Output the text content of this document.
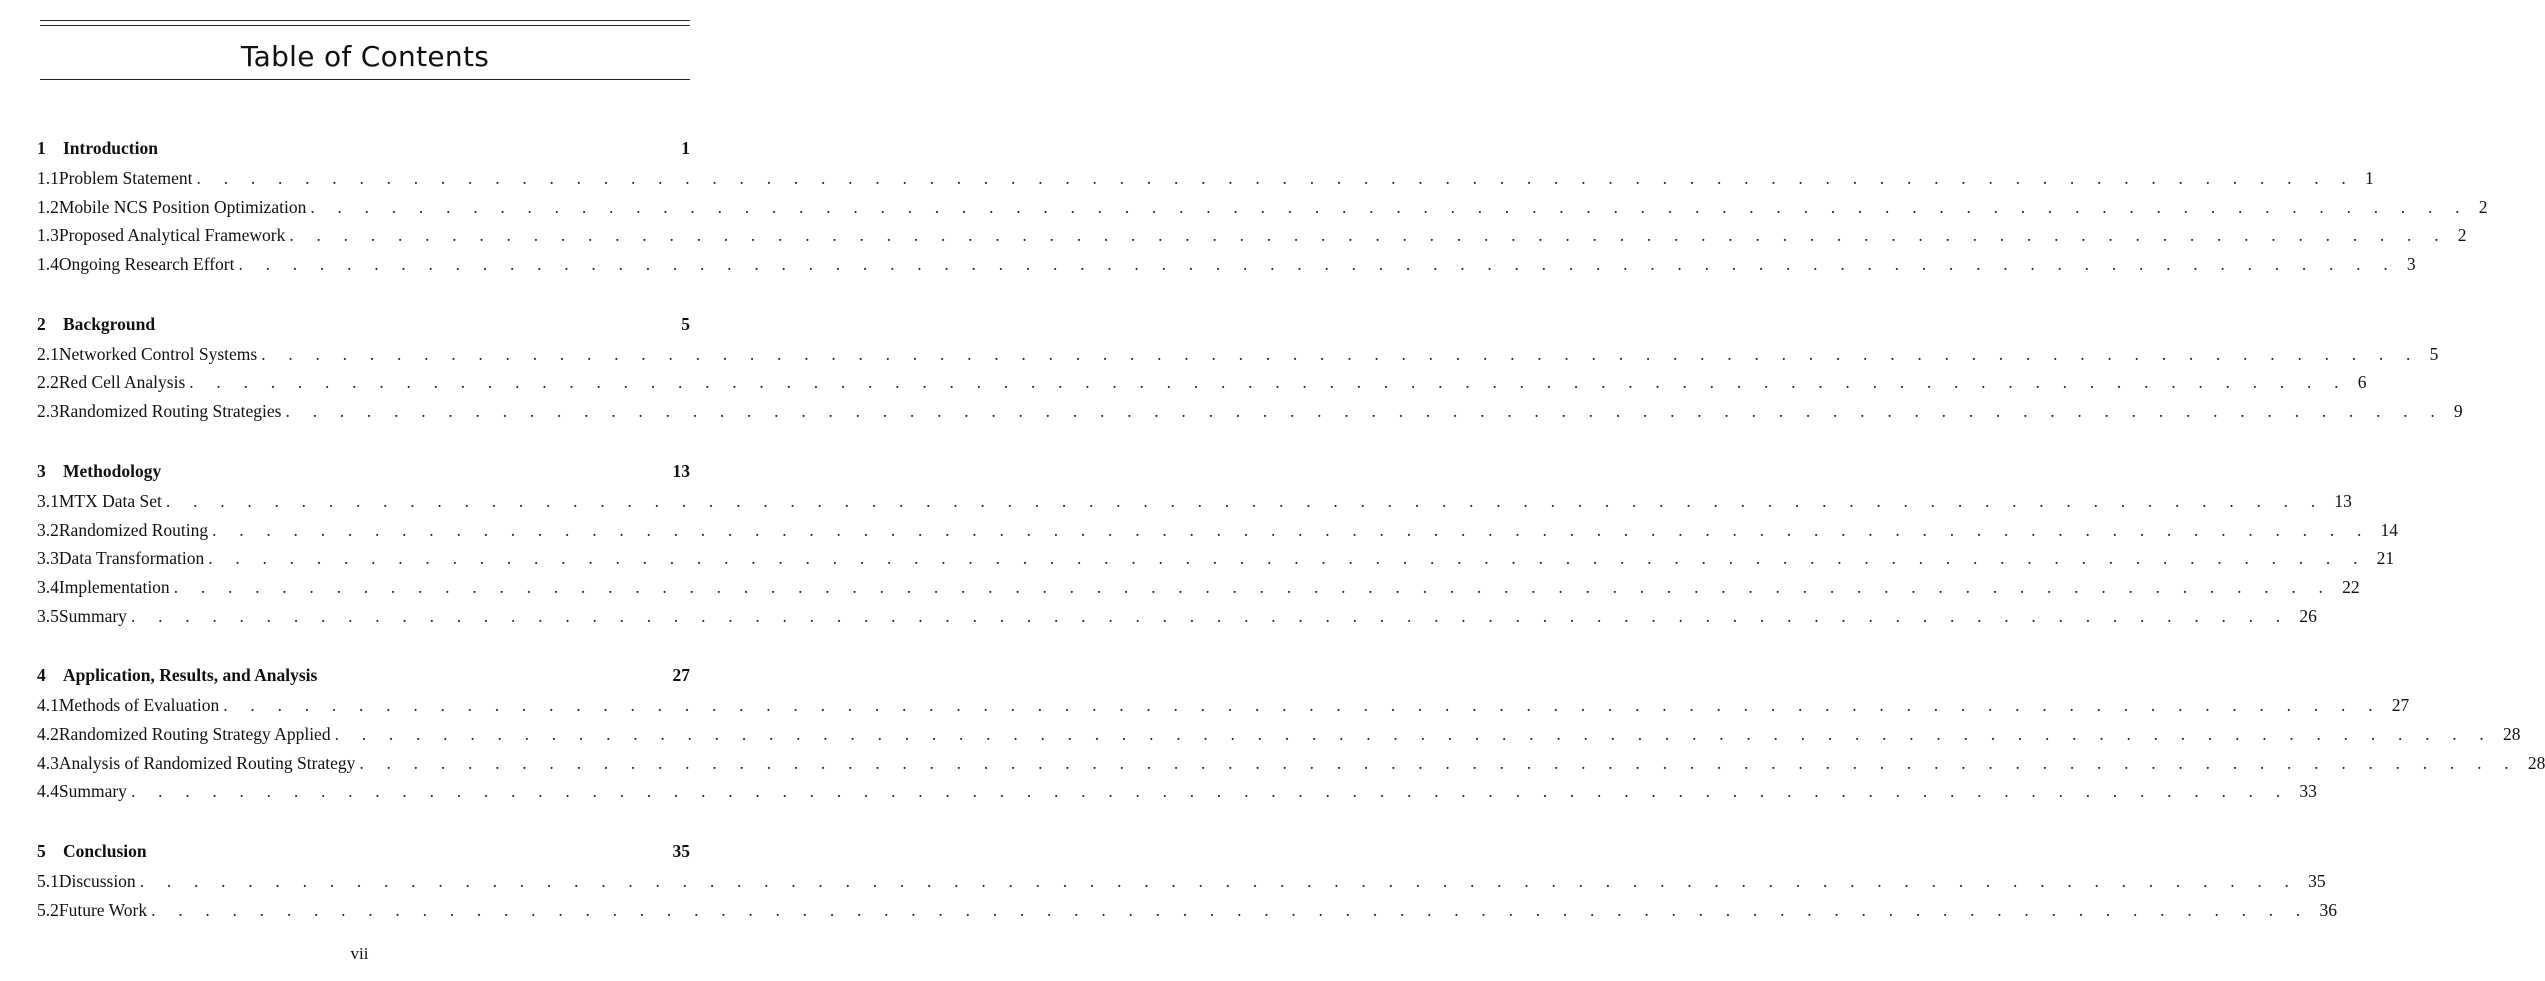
Table of Contents
1 Introduction	1
1.1 Problem Statement . . . . . . . . . . . . . . . . . . . . . . . . . . . . . . . . . . . . . . . . . . . . . . . . . . . . . . . . . . . . . . . . . . . . . . . . . . . . . . . . 1
1.2 Mobile NCS Position Optimization . . . . . . . . . . . . . . . . . . . . . . . . . . . . . . . . . . . . . . . . . . . . . . . . . . . . . . . . . . . . . . . . . . . . . . . . . . . . . . . . 2
1.3 Proposed Analytical Framework . . . . . . . . . . . . . . . . . . . . . . . . . . . . . . . . . . . . . . . . . . . . . . . . . . . . . . . . . . . . . . . . . . . . . . . . . . . . . . . . 2
1.4 Ongoing Research Effort . . . . . . . . . . . . . . . . . . . . . . . . . . . . . . . . . . . . . . . . . . . . . . . . . . . . . . . . . . . . . . . . . . . . . . . . . . . . . . . . 3
2 Background	5
2.1 Networked Control Systems . . . . . . . . . . . . . . . . . . . . . . . . . . . . . . . . . . . . . . . . . . . . . . . . . . . . . . . . . . . . . . . . . . . . . . . . . . . . . . . . 5
2.2 Red Cell Analysis . . . . . . . . . . . . . . . . . . . . . . . . . . . . . . . . . . . . . . . . . . . . . . . . . . . . . . . . . . . . . . . . . . . . . . . . . . . . . . . . 6
2.3 Randomized Routing Strategies . . . . . . . . . . . . . . . . . . . . . . . . . . . . . . . . . . . . . . . . . . . . . . . . . . . . . . . . . . . . . . . . . . . . . . . . . . . . . . . . 9
3 Methodology	13
3.1 MTX Data Set . . . . . . . . . . . . . . . . . . . . . . . . . . . . . . . . . . . . . . . . . . . . . . . . . . . . . . . . . . . . . . . . . . . . . . . . . . . . . . . . 13
3.2 Randomized Routing . . . . . . . . . . . . . . . . . . . . . . . . . . . . . . . . . . . . . . . . . . . . . . . . . . . . . . . . . . . . . . . . . . . . . . . . . . . . . . . . 14
3.3 Data Transformation . . . . . . . . . . . . . . . . . . . . . . . . . . . . . . . . . . . . . . . . . . . . . . . . . . . . . . . . . . . . . . . . . . . . . . . . . . . . . . . . 21
3.4 Implementation . . . . . . . . . . . . . . . . . . . . . . . . . . . . . . . . . . . . . . . . . . . . . . . . . . . . . . . . . . . . . . . . . . . . . . . . . . . . . . . . 22
3.5 Summary . . . . . . . . . . . . . . . . . . . . . . . . . . . . . . . . . . . . . . . . . . . . . . . . . . . . . . . . . . . . . . . . . . . . . . . . . . . . . . . . 26
4 Application, Results, and Analysis	27
4.1 Methods of Evaluation . . . . . . . . . . . . . . . . . . . . . . . . . . . . . . . . . . . . . . . . . . . . . . . . . . . . . . . . . . . . . . . . . . . . . . . . . . . . . . . . 27
4.2 Randomized Routing Strategy Applied . . . . . . . . . . . . . . . . . . . . . . . . . . . . . . . . . . . . . . . . . . . . . . . . . . . . . . . . . . . . . . . . . . . . . . . . . . . . . . . . 28
4.3 Analysis of Randomized Routing Strategy . . . . . . . . . . . . . . . . . . . . . . . . . . . . . . . . . . . . . . . . . . . . . . . . . . . . . . . . . . . . . . . . . . . . . . . . . . . . . . . . 28
4.4 Summary . . . . . . . . . . . . . . . . . . . . . . . . . . . . . . . . . . . . . . . . . . . . . . . . . . . . . . . . . . . . . . . . . . . . . . . . . . . . . . . . 33
5 Conclusion	35
5.1 Discussion . . . . . . . . . . . . . . . . . . . . . . . . . . . . . . . . . . . . . . . . . . . . . . . . . . . . . . . . . . . . . . . . . . . . . . . . . . . . . . . . 35
5.2 Future Work . . . . . . . . . . . . . . . . . . . . . . . . . . . . . . . . . . . . . . . . . . . . . . . . . . . . . . . . . . . . . . . . . . . . . . . . . . . . . . . . 36
vii
